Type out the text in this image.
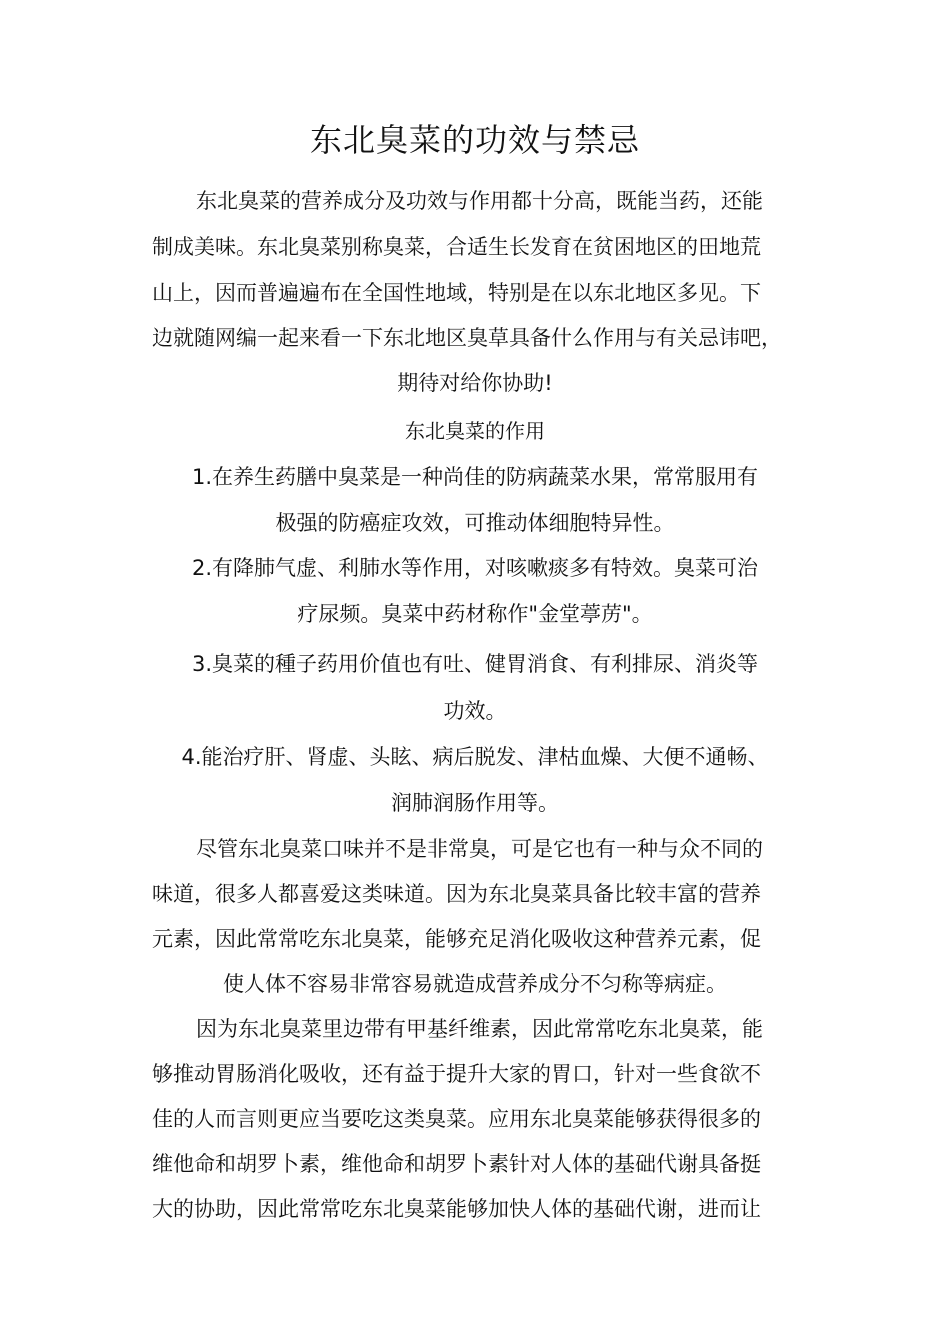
东北臭菜的功效与禁忌
东北臭菜的营养成分及功效与作用都十分高，既能当药，还能
制成美味。东北臭菜别称臭菜，合适生长发育在贫困地区的田地荒
山上，因而普遍遍布在全国性地域，特别是在以东北地区多见。下
边就随网编一起来看一下东北地区臭草具备什么作用与有关忌讳吧，
期待对给你协助!
东北臭菜的作用
1.在养生药膳中臭菜是一种尚佳的防病蔬菜水果，常常服用有
极强的防癌症攻效，可推动体细胞特异性。
2.有降肺气虚、利肺水等作用，对咳嗽痰多有特效。臭菜可治
疗尿频。臭菜中药材称作"金堂葶苈"。
3.臭菜的種子药用价值也有吐、健胃消食、有利排尿、消炎等
功效。
4.能治疗肝、肾虚、头眩、病后脱发、津枯血燥、大便不通畅、
润肺润肠作用等。
尽管东北臭菜口味并不是非常臭，可是它也有一种与众不同的
味道，很多人都喜爱这类味道。因为东北臭菜具备比较丰富的营养
元素，因此常常吃东北臭菜，能够充足消化吸收这种营养元素，促
使人体不容易非常容易就造成营养成分不匀称等病症。
因为东北臭菜里边带有甲基纤维素，因此常常吃东北臭菜，能
够推动胃肠消化吸收，还有益于提升大家的胃口，针对一些食欲不
佳的人而言则更应当要吃这类臭菜。应用东北臭菜能够获得很多的
维他命和胡罗卜素，维他命和胡罗卜素针对人体的基础代谢具备挺
大的协助，因此常常吃东北臭菜能够加快人体的基础代谢，进而让
